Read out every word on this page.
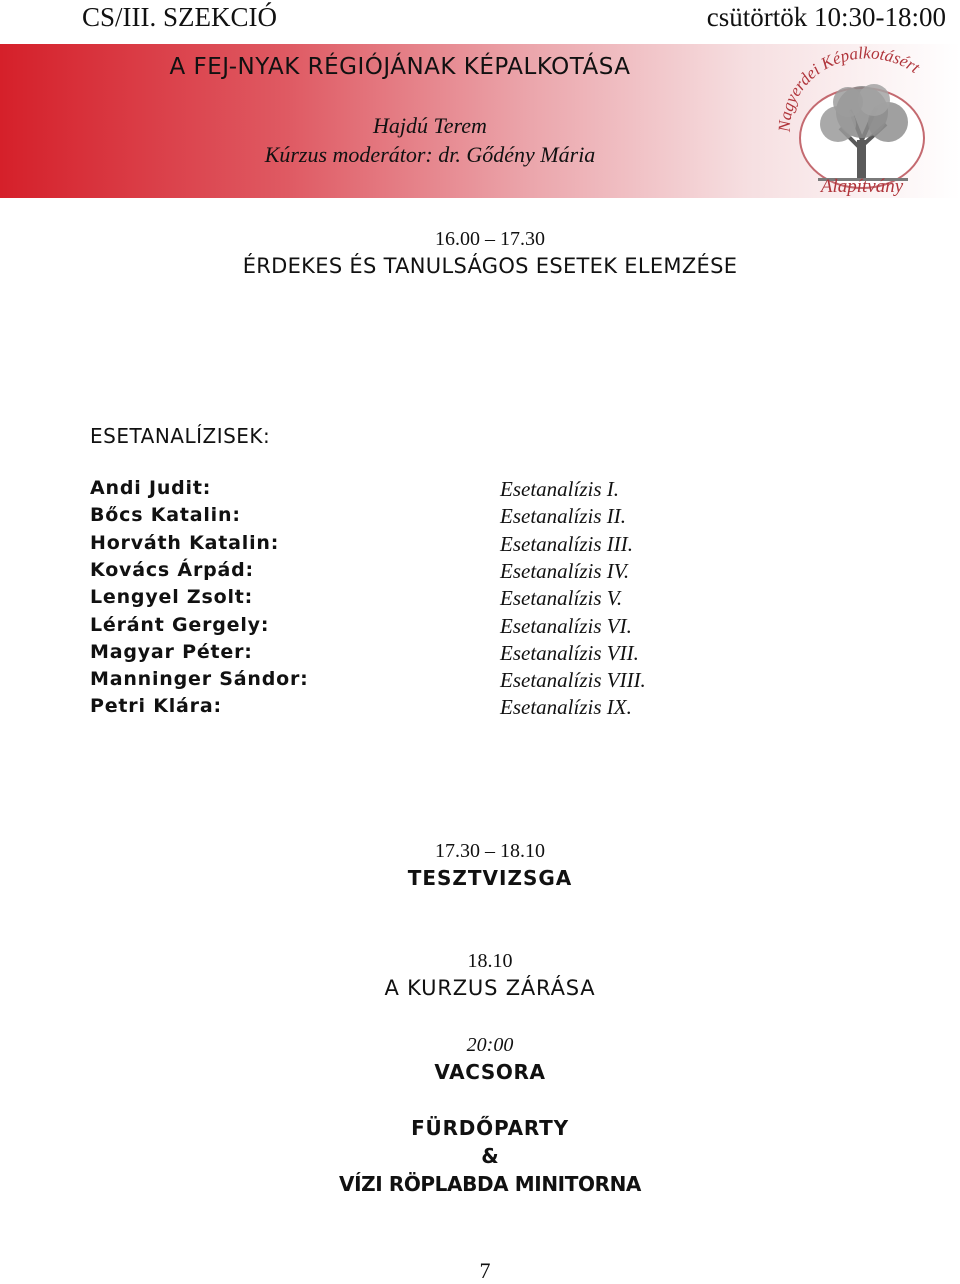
CS/III. SZEKCIÓ	csütörtök 10:30-18:00
A FEJ-NYAK RÉGIÓJÁNAK KÉPALKOTÁSA
Hajdú Terem
Kúrzus moderátor: dr. Gődény Mária
Nagyerdei Képalkotásért
Alapítvány
16.00 – 17.30
ÉRDEKES ÉS TANULSÁGOS ESETEK ELEMZÉSE
ESETANALÍZISEK:
Andi Judit:	Esetanalízis I.
Bőcs Katalin:	Esetanalízis II.
Horváth Katalin:	Esetanalízis III.
Kovács Árpád:	Esetanalízis IV.
Lengyel Zsolt:	Esetanalízis V.
Léránt Gergely:	Esetanalízis VI.
Magyar Péter:	Esetanalízis VII.
Manninger Sándor:	Esetanalízis VIII.
Petri Klára:	Esetanalízis IX.
17.30 – 18.10
TESZTVIZSGA
18.10
A KURZUS ZÁRÁSA
20:00
VACSORA
FÜRDŐPARTY
&
VÍZI RÖPLABDA MINITORNA
7
